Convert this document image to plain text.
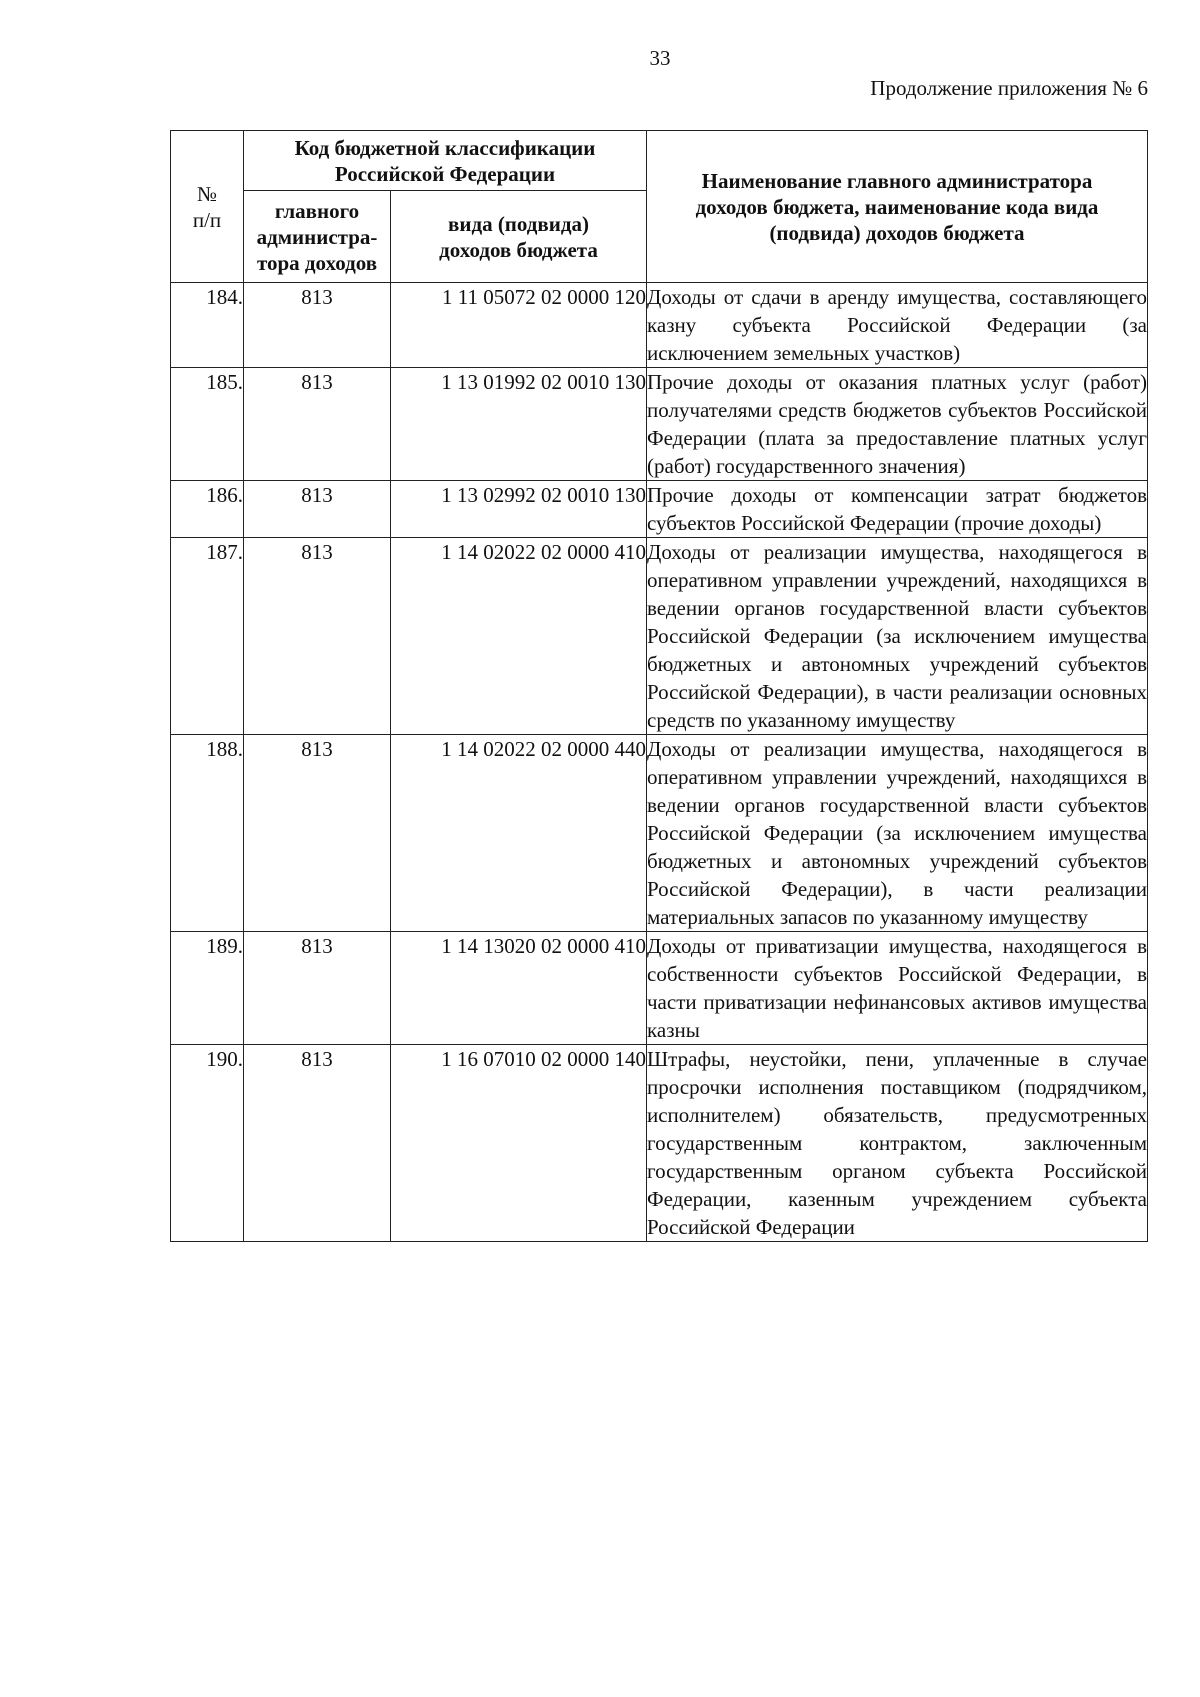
33
Продолжение приложения № 6
№
п/п	Код бюджетной классификации Российской Федерации		Наименование главного администратора доходов бюджета, наименование кода вида (подвида) доходов бюджета
	главного администра-тора доходов	вида (подвида) доходов бюджета	
184.	813	1 11 05072 02 0000 120	Доходы от сдачи в аренду имущества, составляющего казну субъекта Российской Федерации (за исключением земельных участков)
185.	813	1 13 01992 02 0010 130	Прочие доходы от оказания платных услуг (работ) получателями средств бюджетов субъектов Российской Федерации (плата за предоставление платных услуг (работ) государственного значения)
186.	813	1 13 02992 02 0010 130	Прочие доходы от компенсации затрат бюджетов субъектов Российской Федерации (прочие доходы)
187.	813	1 14 02022 02 0000 410	Доходы от реализации имущества, находящегося в оперативном управлении учреждений, находящихся в ведении органов государственной власти субъектов Российской Федерации (за исключением имущества бюджетных и автономных учреждений субъектов Российской Федерации), в части реализации основных средств по указанному имуществу
188.	813	1 14 02022 02 0000 440	Доходы от реализации имущества, находящегося в оперативном управлении учреждений, находящихся в ведении органов государственной власти субъектов Российской Федерации (за исключением имущества бюджетных и автономных учреждений субъектов Российской Федерации), в части реализации материальных запасов по указанному имуществу
189.	813	1 14 13020 02 0000 410	Доходы от приватизации имущества, находящегося в собственности субъектов Российской Федерации, в части приватизации нефинансовых активов имущества казны
190.	813	1 16 07010 02 0000 140	Штрафы, неустойки, пени, уплаченные в случае просрочки исполнения поставщиком (подрядчиком, исполнителем) обязательств, предусмотренных государственным контрактом, заключенным государственным органом субъекта Российской Федерации, казенным учреждением субъекта Российской Федерации
